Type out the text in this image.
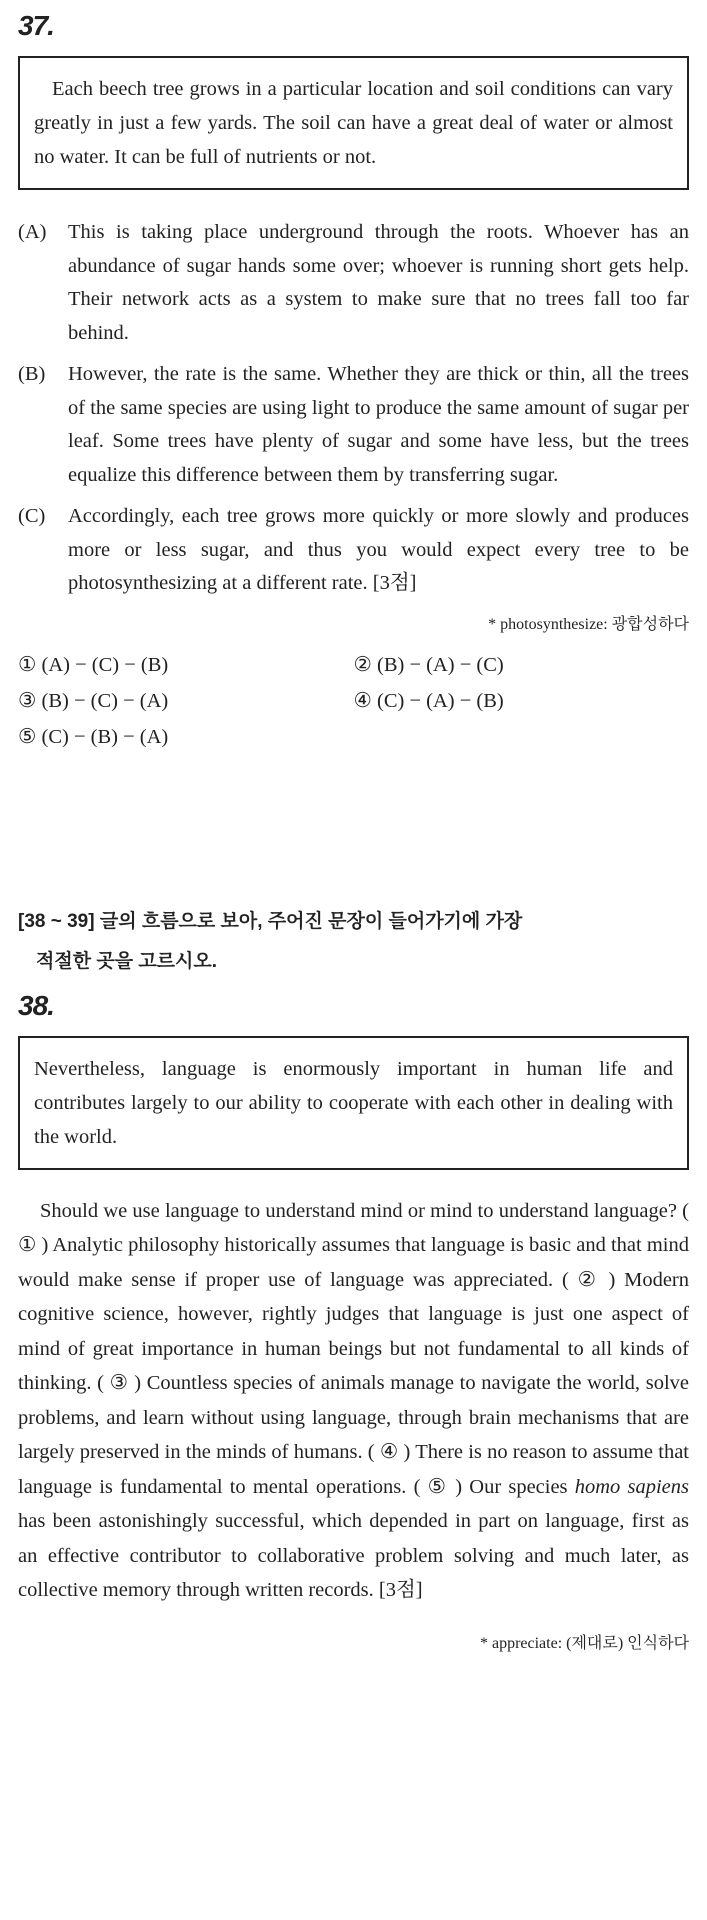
37.
Each beech tree grows in a particular location and soil conditions can vary greatly in just a few yards. The soil can have a great deal of water or almost no water. It can be full of nutrients or not.
(A)	This is taking place underground through the roots. Whoever has an abundance of sugar hands some over; whoever is running short gets help. Their network acts as a system to make sure that no trees fall too far behind.
(B)	However, the rate is the same. Whether they are thick or thin, all the trees of the same species are using light to produce the same amount of sugar per leaf. Some trees have plenty of sugar and some have less, but the trees equalize this difference between them by transferring sugar.
(C)	Accordingly, each tree grows more quickly or more slowly and produces more or less sugar, and thus you would expect every tree to be photosynthesizing at a different rate. [3점]
* photosynthesize: 광합성하다
① (A) − (C) − (B)	② (B) − (A) − (C)
③ (B) − (C) − (A)	④ (C) − (A) − (B)
⑤ (C) − (B) − (A)
[38 ~ 39] 글의 흐름으로 보아, 주어진 문장이 들어가기에 가장
적절한 곳을 고르시오.
38.
Nevertheless, language is enormously important in human life and contributes largely to our ability to cooperate with each other in dealing with the world.
Should we use language to understand mind or mind to understand language? ( ① ) Analytic philosophy historically assumes that language is basic and that mind would make sense if proper use of language was appreciated. ( ② ) Modern cognitive science, however, rightly judges that language is just one aspect of mind of great importance in human beings but not fundamental to all kinds of thinking. ( ③ ) Countless species of animals manage to navigate the world, solve problems, and learn without using language, through brain mechanisms that are largely preserved in the minds of humans. ( ④ ) There is no reason to assume that language is fundamental to mental operations. ( ⑤ ) Our species homo sapiens has been astonishingly successful, which depended in part on language, first as an effective contributor to collaborative problem solving and much later, as collective memory through written records. [3점]
* appreciate: (제대로) 인식하다
